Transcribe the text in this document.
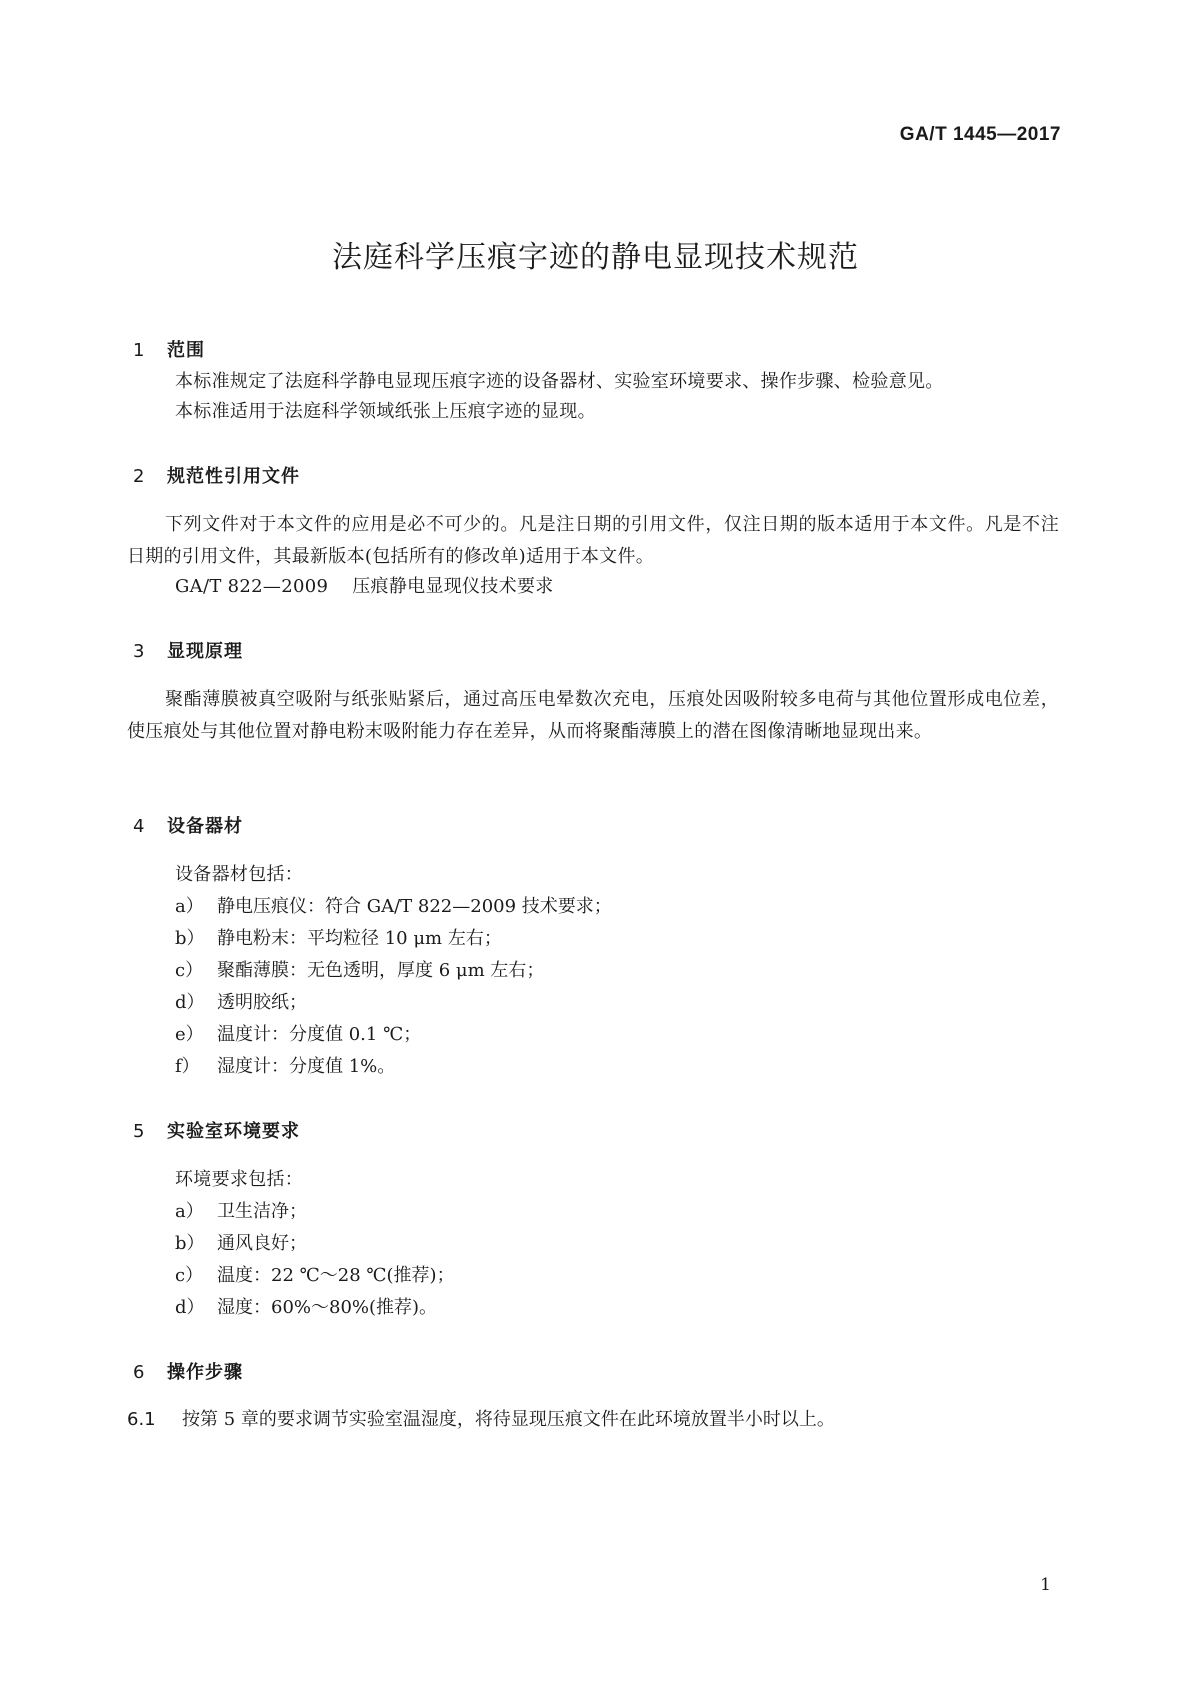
GA/T 1445—2017
法庭科学压痕字迹的静电显现技术规范
1 范围
本标准规定了法庭科学静电显现压痕字迹的设备器材、实验室环境要求、操作步骤、检验意见。
本标准适用于法庭科学领域纸张上压痕字迹的显现。
2 规范性引用文件
下列文件对于本文件的应用是必不可少的。凡是注日期的引用文件，仅注日期的版本适用于本文件。凡是不注日期的引用文件，其最新版本(包括所有的修改单)适用于本文件。
GA/T 822—2009 压痕静电显现仪技术要求
3 显现原理
聚酯薄膜被真空吸附与纸张贴紧后，通过高压电晕数次充电，压痕处因吸附较多电荷与其他位置形成电位差，使压痕处与其他位置对静电粉末吸附能力存在差异，从而将聚酯薄膜上的潜在图像清晰地显现出来。
4 设备器材
设备器材包括：
a） 静电压痕仪：符合 GA/T 822—2009 技术要求；
b） 静电粉末：平均粒径 10 μm 左右；
c） 聚酯薄膜：无色透明，厚度 6 μm 左右；
d） 透明胶纸；
e） 温度计：分度值 0.1 ℃；
f） 湿度计：分度值 1%。
5 实验室环境要求
环境要求包括：
a） 卫生洁净；
b） 通风良好；
c） 温度：22 ℃～28 ℃(推荐)；
d） 湿度：60%～80%(推荐)。
6 操作步骤
6.1 按第 5 章的要求调节实验室温湿度，将待显现压痕文件在此环境放置半小时以上。
1
